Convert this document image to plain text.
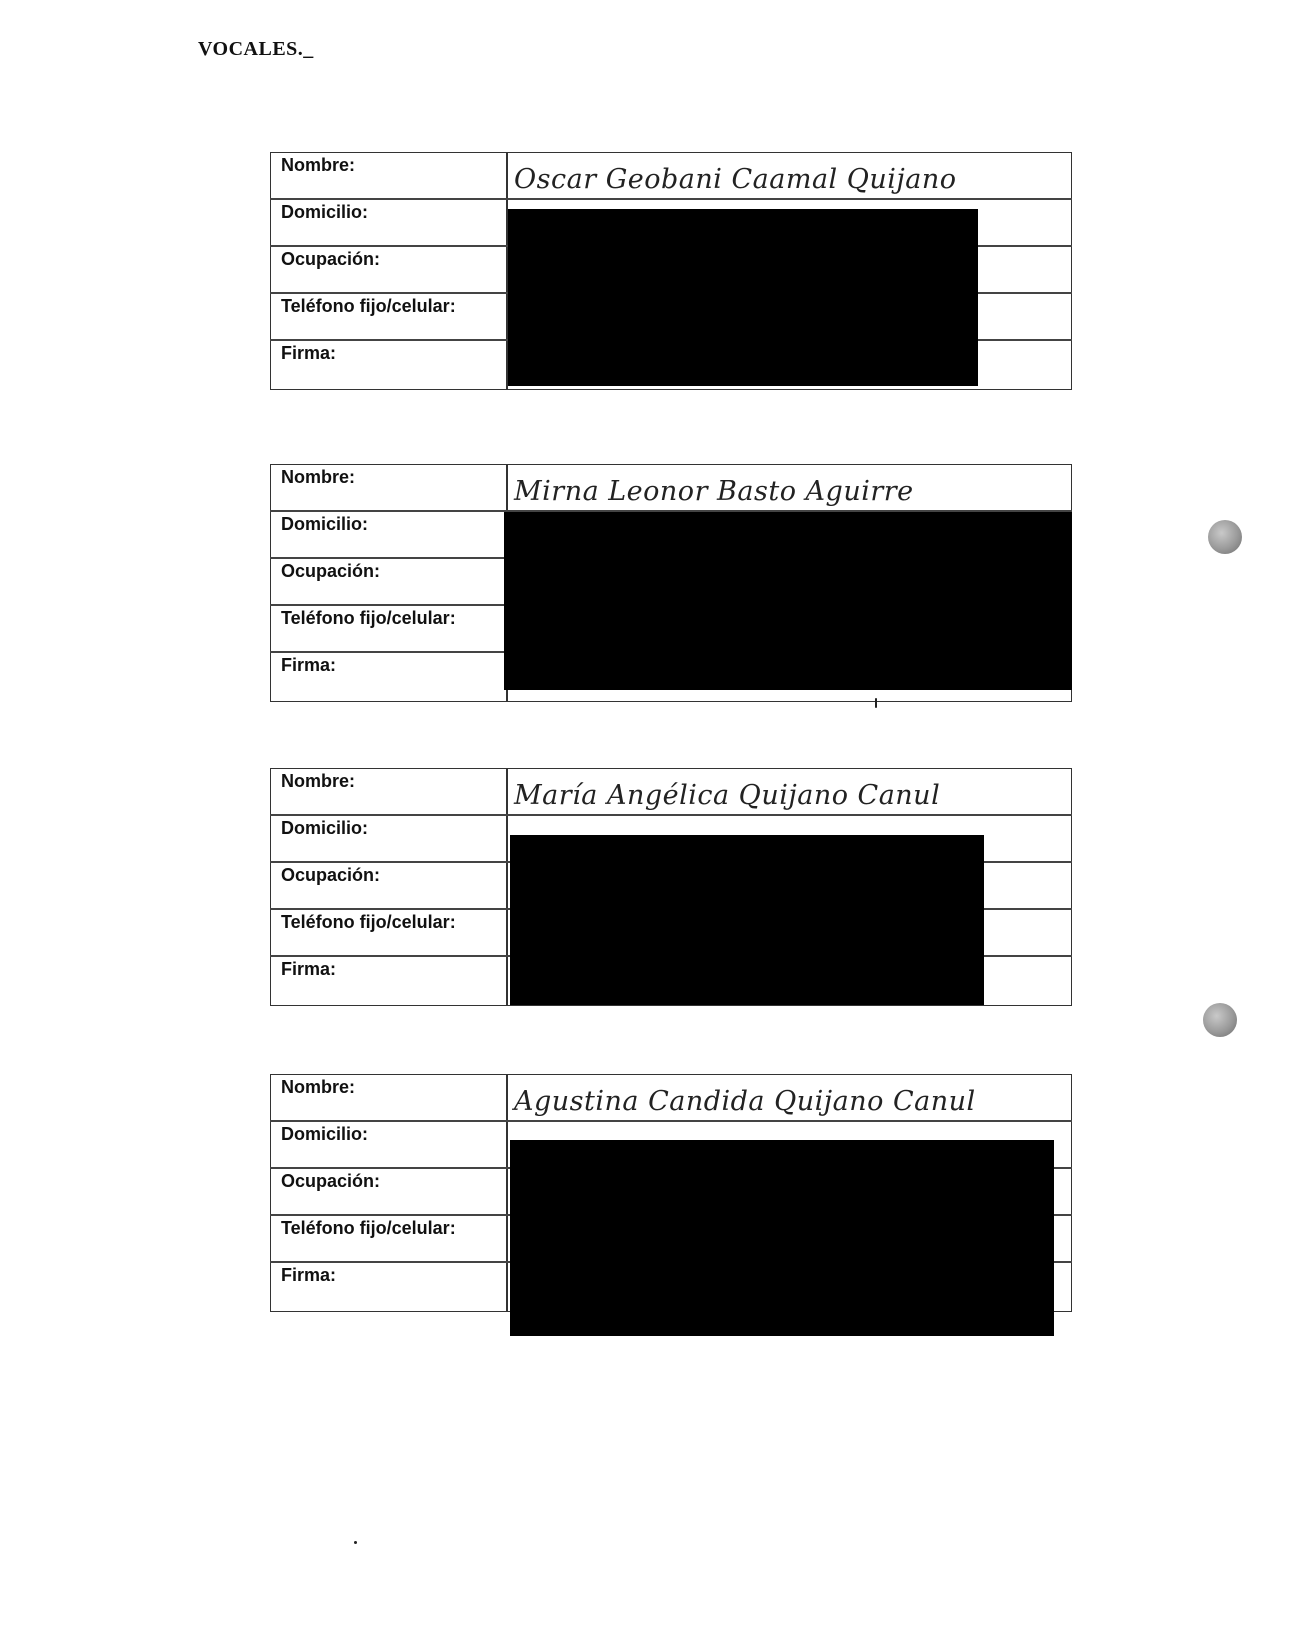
VOCALES._
Nombre:
Domicilio:
Ocupación:
Teléfono fijo/celular:
Firma:
Oscar Geobani Caamal Quijano
Nombre:
Domicilio:
Ocupación:
Teléfono fijo/celular:
Firma:
Mirna Leonor Basto Aguirre
Nombre:
Domicilio:
Ocupación:
Teléfono fijo/celular:
Firma:
María Angélica Quijano Canul
Nombre:
Domicilio:
Ocupación:
Teléfono fijo/celular:
Firma:
Agustina Candida Quijano Canul
